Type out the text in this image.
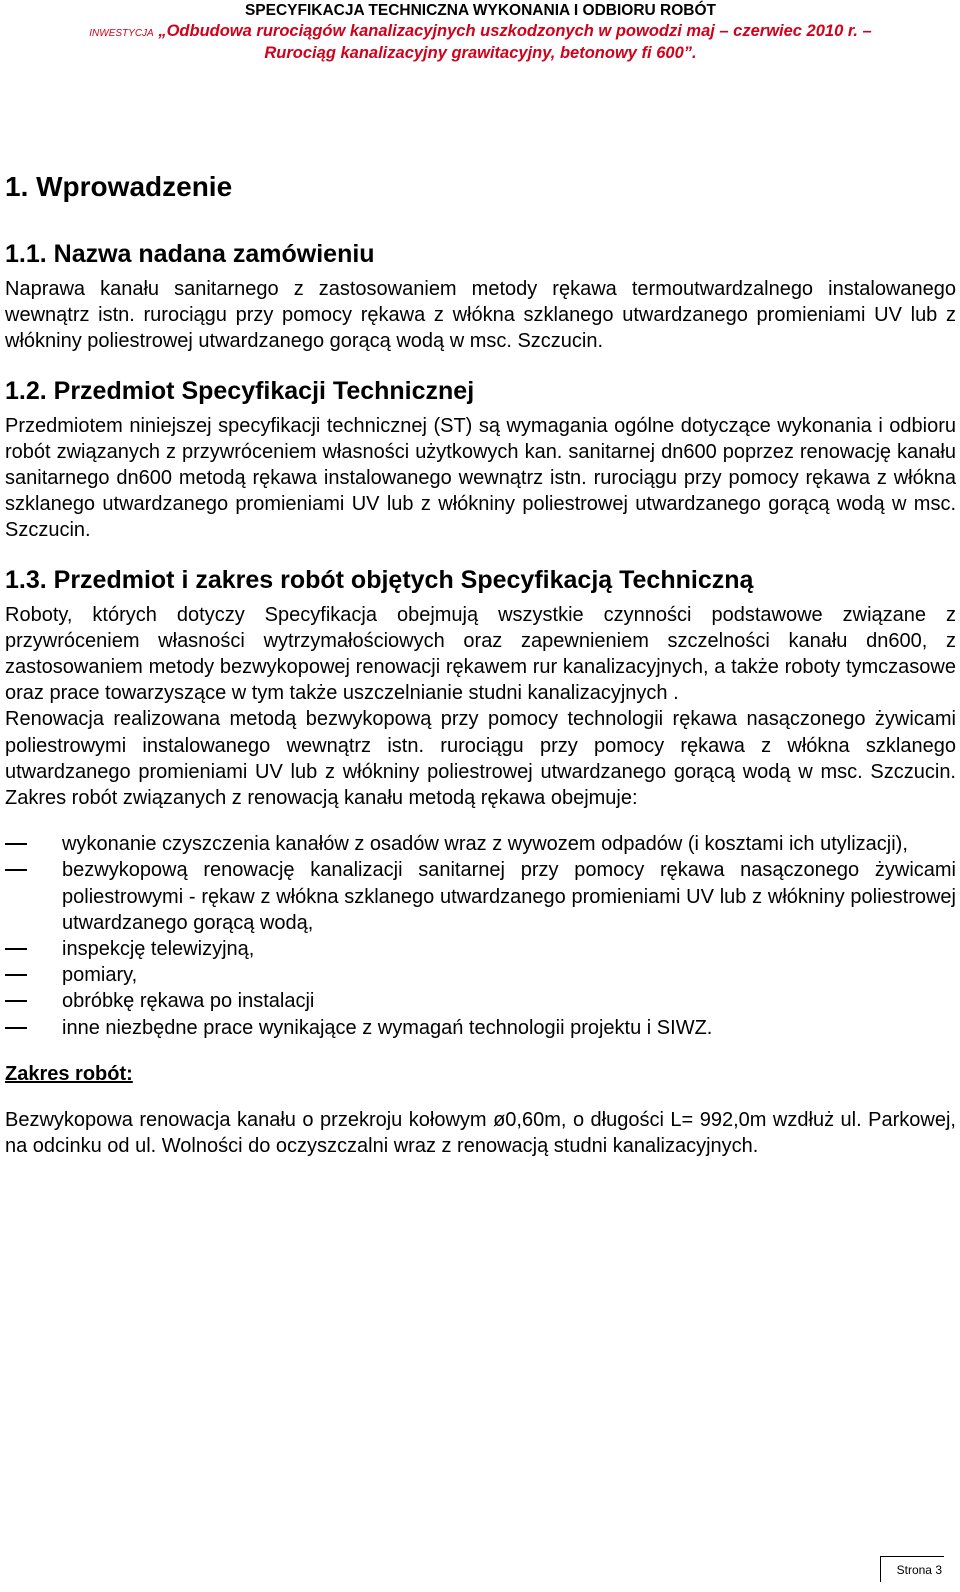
SPECYFIKACJA TECHNICZNA WYKONANIA I ODBIORU ROBÓT
INWESTYCJA „Odbudowa rurociągów kanalizacyjnych uszkodzonych w powodzi maj – czerwiec 2010 r. –
Rurociąg kanalizacyjny grawitacyjny, betonowy fi 600”.
1. Wprowadzenie
1.1. Nazwa nadana zamówieniu

Naprawa kanału sanitarnego z zastosowaniem metody rękawa termoutwardzalnego instalowanego wewnątrz istn. rurociągu przy pomocy rękawa z włókna szklanego utwardzanego promieniami UV lub z włókniny poliestrowej utwardzanego gorącą wodą w msc. Szczucin.

1.2. Przedmiot Specyfikacji Technicznej

Przedmiotem niniejszej specyfikacji technicznej (ST) są wymagania ogólne dotyczące wykonania i odbioru robót związanych z przywróceniem własności użytkowych kan. sanitarnej dn600 poprzez renowację kanału sanitarnego dn600 metodą rękawa instalowanego wewnątrz istn. rurociągu przy pomocy rękawa z włókna szklanego utwardzanego promieniami UV lub z włókniny poliestrowej utwardzanego gorącą wodą w msc. Szczucin.

1.3. Przedmiot i zakres robót objętych Specyfikacją Techniczną

Roboty, których dotyczy Specyfikacja obejmują wszystkie czynności podstawowe związane z przywróceniem własności wytrzymałościowych oraz zapewnieniem szczelności kanału dn600, z zastosowaniem metody bezwykopowej renowacji rękawem rur kanalizacyjnych, a także roboty tymczasowe oraz prace towarzyszące w tym także uszczelnianie studni kanalizacyjnych .

Renowacja realizowana metodą bezwykopową przy pomocy technologii rękawa nasączonego żywicami poliestrowymi instalowanego wewnątrz istn. rurociągu przy pomocy rękawa z włókna szklanego utwardzanego promieniami UV lub z włókniny poliestrowej utwardzanego gorącą wodą w msc. Szczucin. Zakres robót związanych z renowacją kanału metodą rękawa obejmuje:

wykonanie czyszczenia kanałów z osadów wraz z wywozem odpadów (i kosztami ich utylizacji),
bezwykopową renowację kanalizacji sanitarnej przy pomocy rękawa nasączonego żywicami poliestrowymi - rękaw z włókna szklanego utwardzanego promieniami UV lub z włókniny poliestrowej utwardzanego gorącą wodą,
inspekcję telewizyjną,
pomiary,
obróbkę rękawa po instalacji
inne niezbędne prace wynikające z wymagań technologii projektu i SIWZ.
Zakres robót:

Bezwykopowa renowacja kanału o przekroju kołowym ø0,60m, o długości L= 992,0m wzdłuż ul. Parkowej, na odcinku od ul. Wolności do oczyszczalni wraz z renowacją studni kanalizacyjnych.

Strona 3
